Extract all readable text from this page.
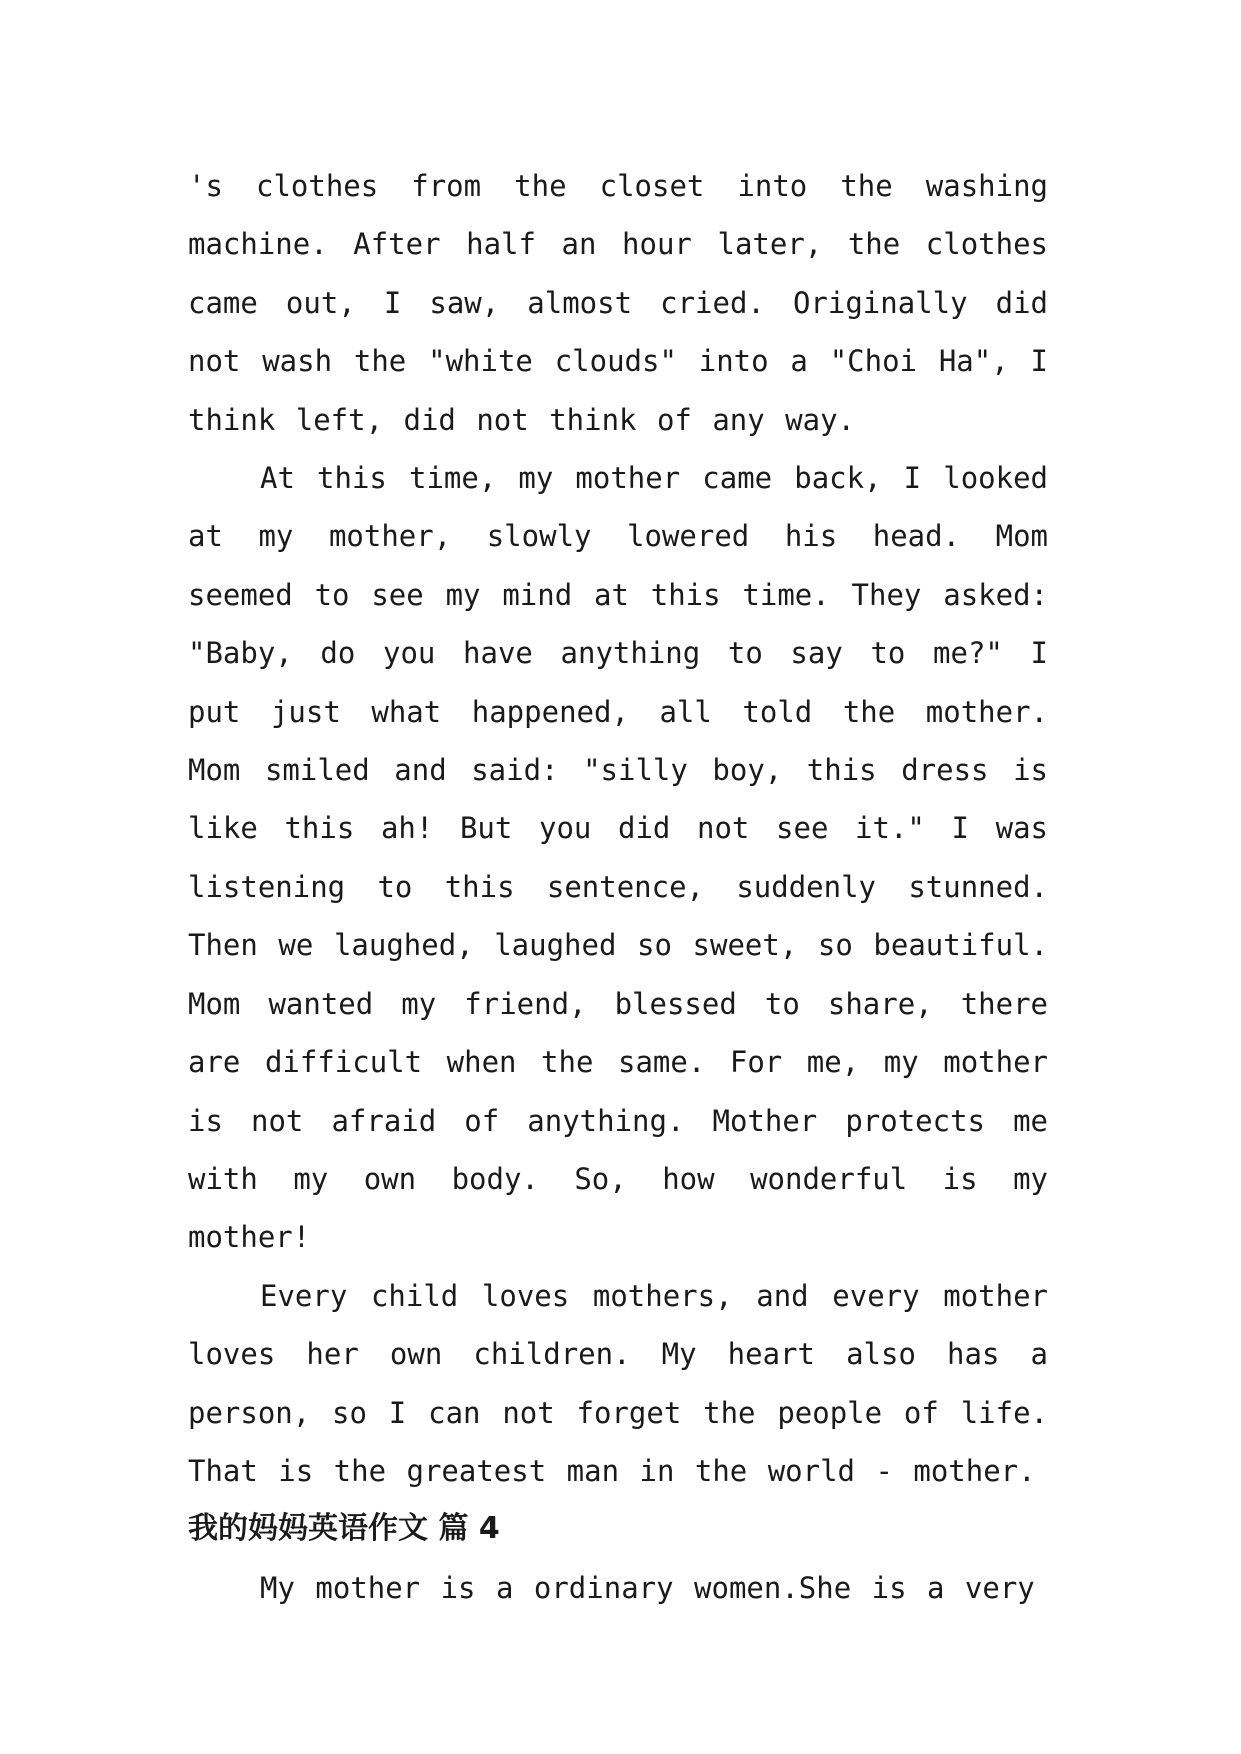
's clothes from the closet into the washing machine. After half an hour later, the clothes came out, I saw, almost cried. Originally did not wash the "white clouds" into a "Choi Ha", I think left, did not think of any way.

At this time, my mother came back, I looked at my mother, slowly lowered his head. Mom seemed to see my mind at this time. They asked: "Baby, do you have anything to say to me?" I put just what happened, all told the mother. Mom smiled and said: "silly boy, this dress is like this ah! But you did not see it." I was listening to this sentence, suddenly stunned. Then we laughed, laughed so sweet, so beautiful. Mom wanted my friend, blessed to share, there are difficult when the same. For me, my mother is not afraid of anything. Mother protects me with my own body. So, how wonderful is my mother!

Every child loves mothers, and every mother loves her own children. My heart also has a person, so I can not forget the people of life. That is the greatest man in the world - mother.

我的妈妈英语作文 篇 4

My mother is a ordinary women.She is a very
